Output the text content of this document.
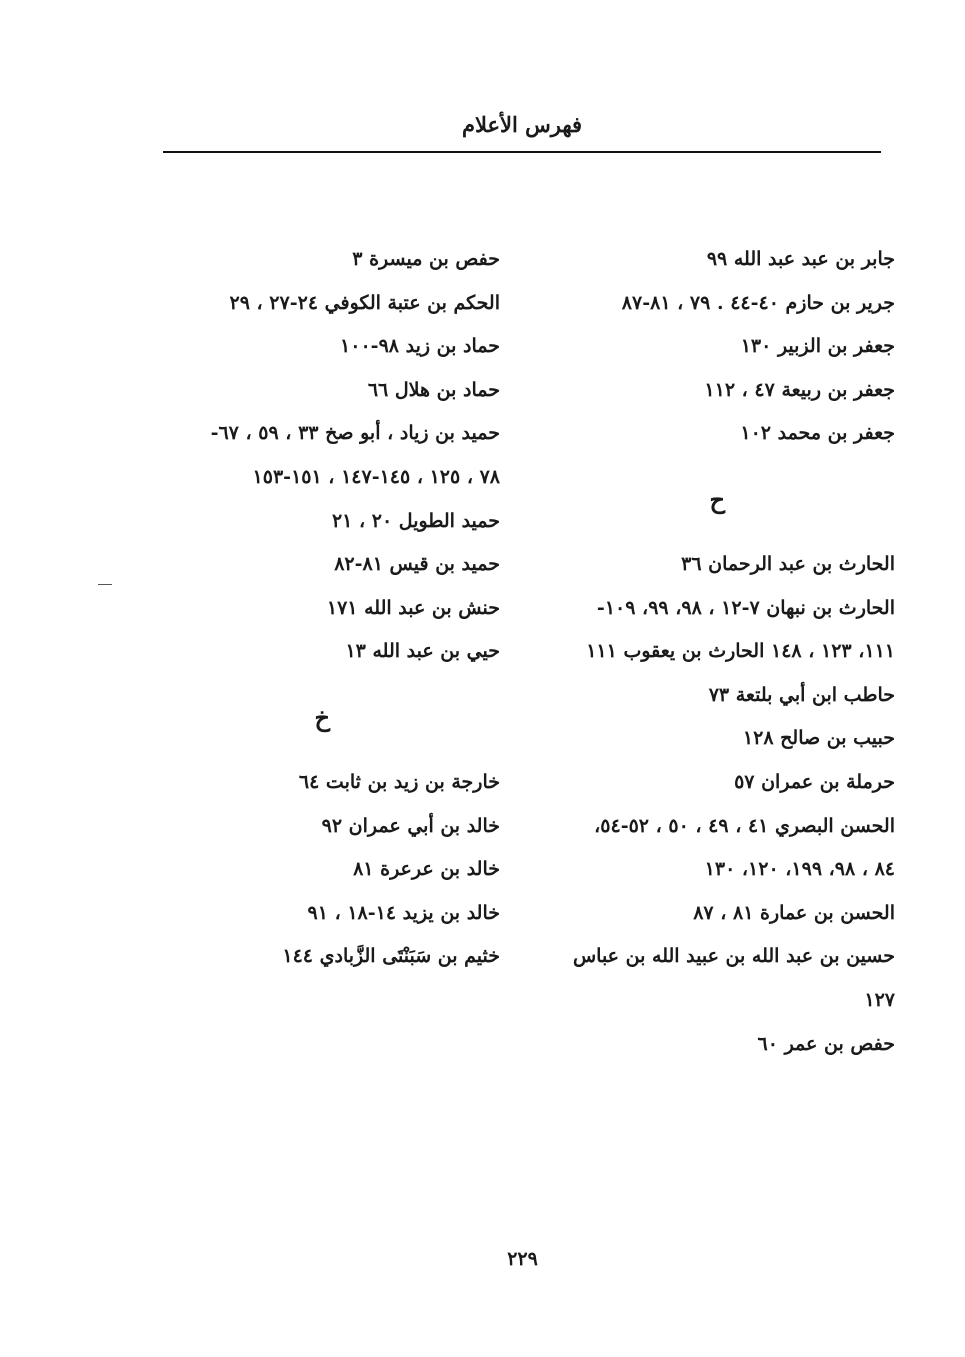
فهرس الأعلام
جابر بن عبد عبد الله ٩٩
جرير بن حازم ٤٠-٤٤ . ٧٩ ، ٨١-٨٧
جعفر بن الزبير ١٣٠
جعفر بن ربيعة ٤٧ ، ١١٢
جعفر بن محمد ١٠٢
ح
الحارث بن عبد الرحمان ٣٦
الحارث بن نبهان ٧-١٢ ، ٩٨، ٩٩، ١٠٩-
١١١، ١٢٣ ، ١٤٨ الحارث بن يعقوب ١١١
حاطب ابن أبي بلتعة ٧٣
حبيب بن صالح ١٢٨
حرملة بن عمران ٥٧
الحسن البصري ٤١ ، ٤٩ ، ٥٠ ، ٥٢-٥٤،
٨٤ ، ٩٨، ١٩٩، ١٢٠، ١٣٠
الحسن بن عمارة ٨١ ، ٨٧
حسين بن عبد الله بن عبيد الله بن عباس
١٢٧
حفص بن عمر ٦٠
حفص بن ميسرة ٣
الحكم بن عتبة الكوفي ٢٤-٢٧ ، ٢٩
حماد بن زيد ٩٨-١٠٠
حماد بن هلال ٦٦
حميد بن زياد ، أبو صخ ٣٣ ، ٥٩ ، ٦٧-
٧٨ ، ١٢٥ ، ١٤٥-١٤٧ ، ١٥١-١٥٣
حميد الطويل ٢٠ ، ٢١
حميد بن قيس ٨١-٨٢
حنش بن عبد الله ١٧١
حيي بن عبد الله ١٣
خ
خارجة بن زيد بن ثابت ٦٤
خالد بن أبي عمران ٩٢
خالد بن عرعرة ٨١
خالد بن يزيد ١٤-١٨ ، ٩١
خثيم بن سَبَنْتَى الزَّبادي ١٤٤
٢٢٩
